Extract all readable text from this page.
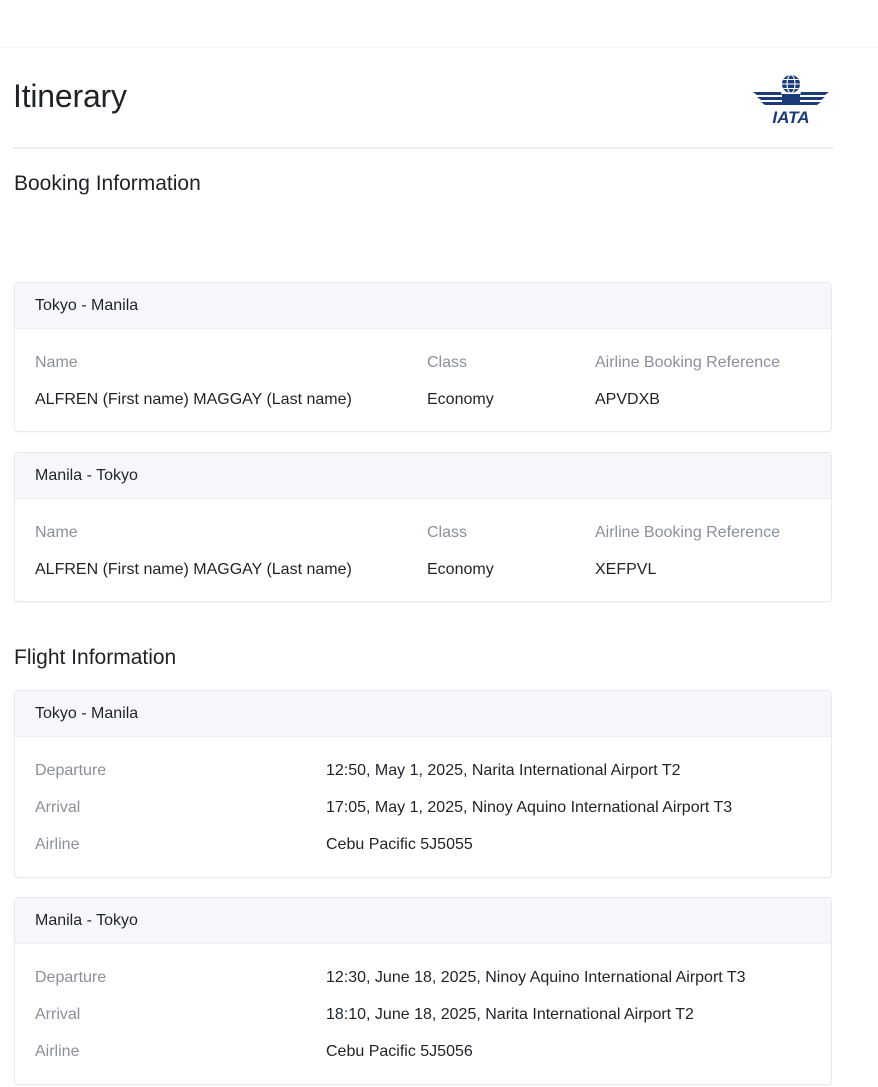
Itinerary
IATA
Booking Information
Tokyo - Manila
Name	Class	Airline Booking Reference
ALFREN (First name) MAGGAY (Last name)	Economy	APVDXB
Manila - Tokyo
Name	Class	Airline Booking Reference
ALFREN (First name) MAGGAY (Last name)	Economy	XEFPVL
Flight Information
Tokyo - Manila
Departure	12:50, May 1, 2025, Narita International Airport T2
Arrival	17:05, May 1, 2025, Ninoy Aquino International Airport T3
Airline	Cebu Pacific 5J5055
Manila - Tokyo
Departure	12:30, June 18, 2025, Ninoy Aquino International Airport T3
Arrival	18:10, June 18, 2025, Narita International Airport T2
Airline	Cebu Pacific 5J5056
